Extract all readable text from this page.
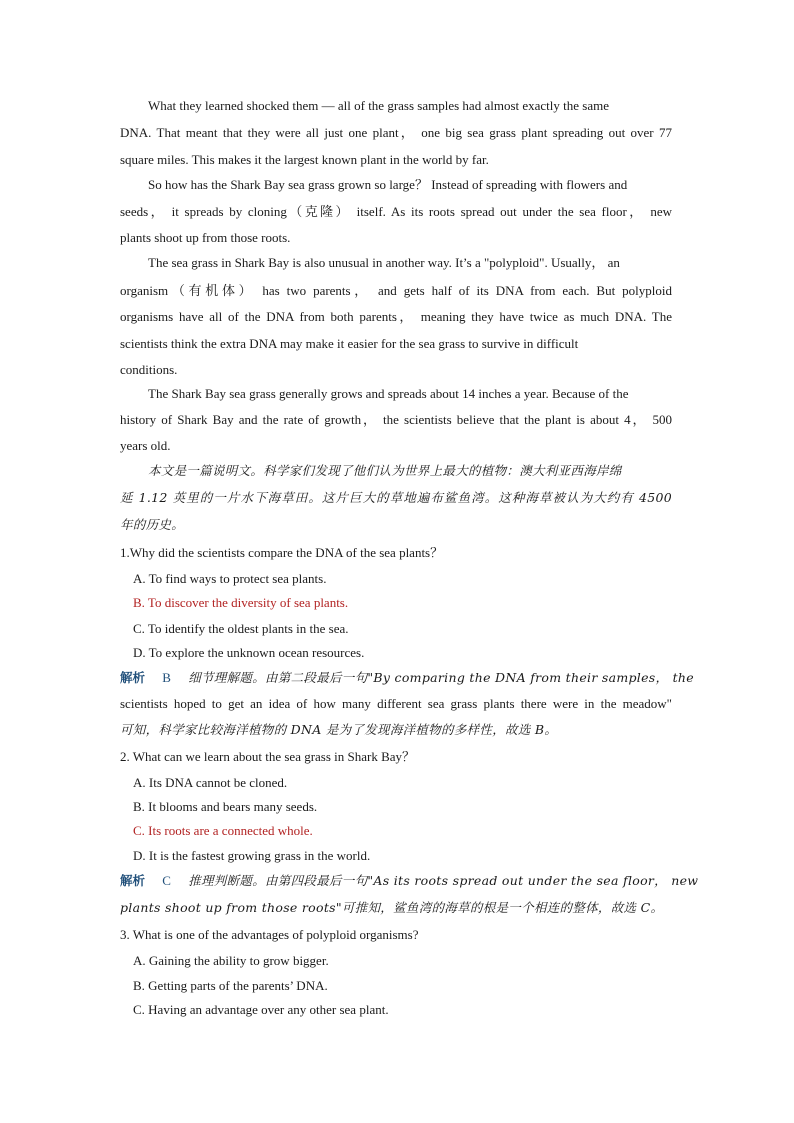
What they learned shocked them — all of the grass samples had almost exactly the same
DNA. That meant that they were all just one plant， one big sea grass plant spreading out over 77
square miles. This makes it the largest known plant in the world by far.
So how has the Shark Bay sea grass grown so large？ Instead of spreading with flowers and
seeds， it spreads by cloning（克隆） itself. As its roots spread out under the sea floor， new
plants shoot up from those roots.
The sea grass in Shark Bay is also unusual in another way. It’s a "polyploid". Usually， an
organism（有机体） has two parents， and gets half of its DNA from each. But polyploid
organisms have all of the DNA from both parents， meaning they have twice as much DNA. The
scientists think the extra DNA may make it easier for the sea grass to survive in difficult
conditions.
The Shark Bay sea grass generally grows and spreads about 14 inches a year. Because of the
history of Shark Bay and the rate of growth， the scientists believe that the plant is about 4， 500
years old.
本文是一篇说明文。科学家们发现了他们认为世界上最大的植物：澳大利亚西海岸绵
延 1.12 英里的一片水下海草田。这片巨大的草地遍布鲨鱼湾。这种海草被认为大约有 4500
年的历史。
1.Why did the scientists compare the DNA of the sea plants？
A. To find ways to protect sea plants.
B. To discover the diversity of sea plants.
C. To identify the oldest plants in the sea.
D. To explore the unknown ocean resources.
解析 B 细节理解题。由第二段最后一句"By comparing the DNA from their samples， the
scientists hoped to get an idea of how many different sea grass plants there were in the meadow"
可知，科学家比较海洋植物的 DNA 是为了发现海洋植物的多样性，故选 B。
2. What can we learn about the sea grass in Shark Bay？
A. Its DNA cannot be cloned.
B. It blooms and bears many seeds.
C. Its roots are a connected whole.
D. It is the fastest growing grass in the world.
解析 C 推理判断题。由第四段最后一句"As its roots spread out under the sea floor， new
plants shoot up from those roots"可推知，鲨鱼湾的海草的根是一个相连的整体，故选 C。
3. What is one of the advantages of polyploid organisms?
A. Gaining the ability to grow bigger.
B. Getting parts of the parents’ DNA.
C. Having an advantage over any other sea plant.
